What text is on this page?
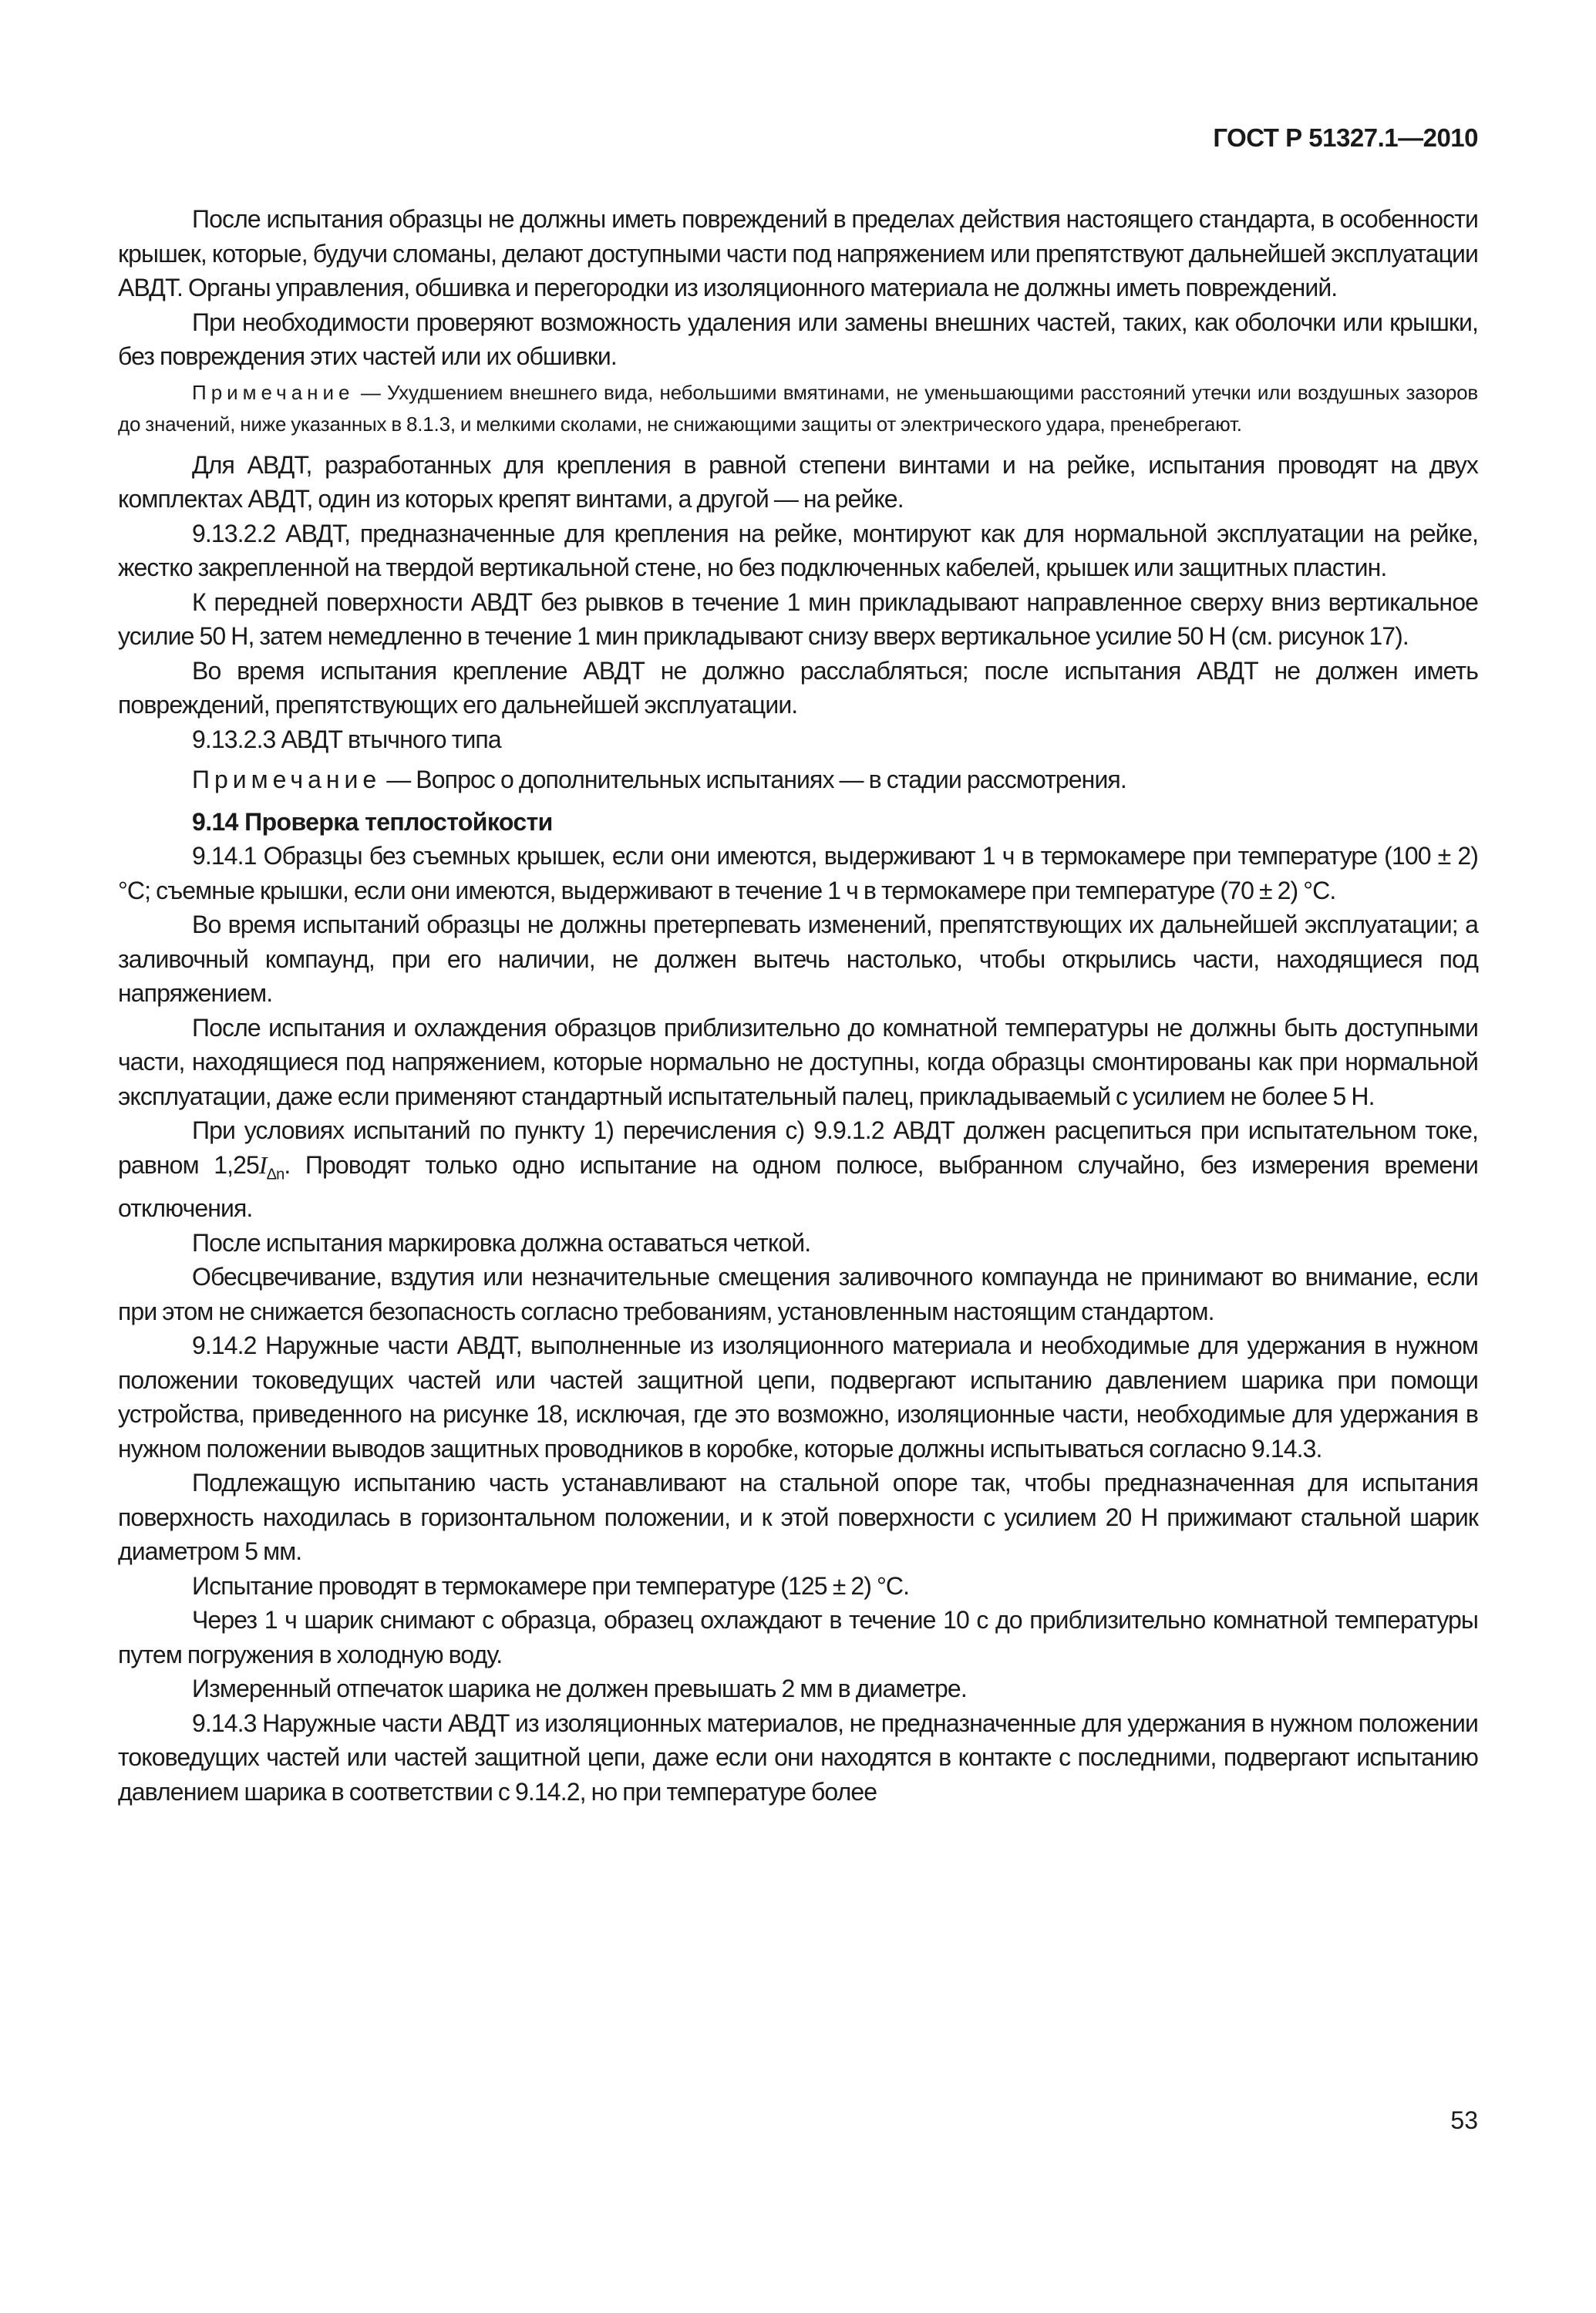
ГОСТ Р 51327.1—2010

После испытания образцы не должны иметь повреждений в пределах действия настоящего стандарта, в особенности крышек, которые, будучи сломаны, делают доступными части под напряжением или препятствуют дальнейшей эксплуатации АВДТ. Органы управления, обшивка и перегородки из изоляционного материала не должны иметь повреждений.

При необходимости проверяют возможность удаления или замены внешних частей, таких, как оболочки или крышки, без повреждения этих частей или их обшивки.

Примечание — Ухудшением внешнего вида, небольшими вмятинами, не уменьшающими расстояний утечки или воздушных зазоров до значений, ниже указанных в 8.1.3, и мелкими сколами, не снижающими защиты от электрического удара, пренебрегают.

Для АВДТ, разработанных для крепления в равной степени винтами и на рейке, испытания проводят на двух комплектах АВДТ, один из которых крепят винтами, а другой — на рейке.

9.13.2.2 АВДТ, предназначенные для крепления на рейке, монтируют как для нормальной эксплуатации на рейке, жестко закрепленной на твердой вертикальной стене, но без подключенных кабелей, крышек или защитных пластин.

К передней поверхности АВДТ без рывков в течение 1 мин прикладывают направленное сверху вниз вертикальное усилие 50 Н, затем немедленно в течение 1 мин прикладывают снизу вверх вертикальное усилие 50 Н (см. рисунок 17).

Во время испытания крепление АВДТ не должно расслабляться; после испытания АВДТ не должен иметь повреждений, препятствующих его дальнейшей эксплуатации.

9.13.2.3 АВДТ втычного типа

Примечание — Вопрос о дополнительных испытаниях — в стадии рассмотрения.

9.14 Проверка теплостойкости

9.14.1 Образцы без съемных крышек, если они имеются, выдерживают 1 ч в термокамере при температуре (100 ± 2) °С; съемные крышки, если они имеются, выдерживают в течение 1 ч в термокамере при температуре (70 ± 2) °С.

Во время испытаний образцы не должны претерпевать изменений, препятствующих их дальнейшей эксплуатации; а заливочный компаунд, при его наличии, не должен вытечь настолько, чтобы открылись части, находящиеся под напряжением.

После испытания и охлаждения образцов приблизительно до комнатной температуры не должны быть доступными части, находящиеся под напряжением, которые нормально не доступны, когда образцы смонтированы как при нормальной эксплуатации, даже если применяют стандартный испытательный палец, прикладываемый с усилием не более 5 Н.

При условиях испытаний по пункту 1) перечисления с) 9.9.1.2 АВДТ должен расцепиться при испытательном токе, равном $1,25I_{\Delta n}$. Проводят только одно испытание на одном полюсе, выбранном случайно, без измерения времени отключения.

После испытания маркировка должна оставаться четкой.

Обесцвечивание, вздутия или незначительные смещения заливочного компаунда не принимают во внимание, если при этом не снижается безопасность согласно требованиям, установленным настоящим стандартом.

9.14.2 Наружные части АВДТ, выполненные из изоляционного материала и необходимые для удержания в нужном положении токоведущих частей или частей защитной цепи, подвергают испытанию давлением шарика при помощи устройства, приведенного на рисунке 18, исключая, где это возможно, изоляционные части, необходимые для удержания в нужном положении выводов защитных проводников в коробке, которые должны испытываться согласно 9.14.3.

Подлежащую испытанию часть устанавливают на стальной опоре так, чтобы предназначенная для испытания поверхность находилась в горизонтальном положении, и к этой поверхности с усилием 20 Н прижимают стальной шарик диаметром 5 мм.

Испытание проводят в термокамере при температуре (125 ± 2) °С.

Через 1 ч шарик снимают с образца, образец охлаждают в течение 10 с до приблизительно комнатной температуры путем погружения в холодную воду.

Измеренный отпечаток шарика не должен превышать 2 мм в диаметре.

9.14.3 Наружные части АВДТ из изоляционных материалов, не предназначенные для удержания в нужном положении токоведущих частей или частей защитной цепи, даже если они находятся в контакте с последними, подвергают испытанию давлением шарика в соответствии с 9.14.2, но при температуре более

53
